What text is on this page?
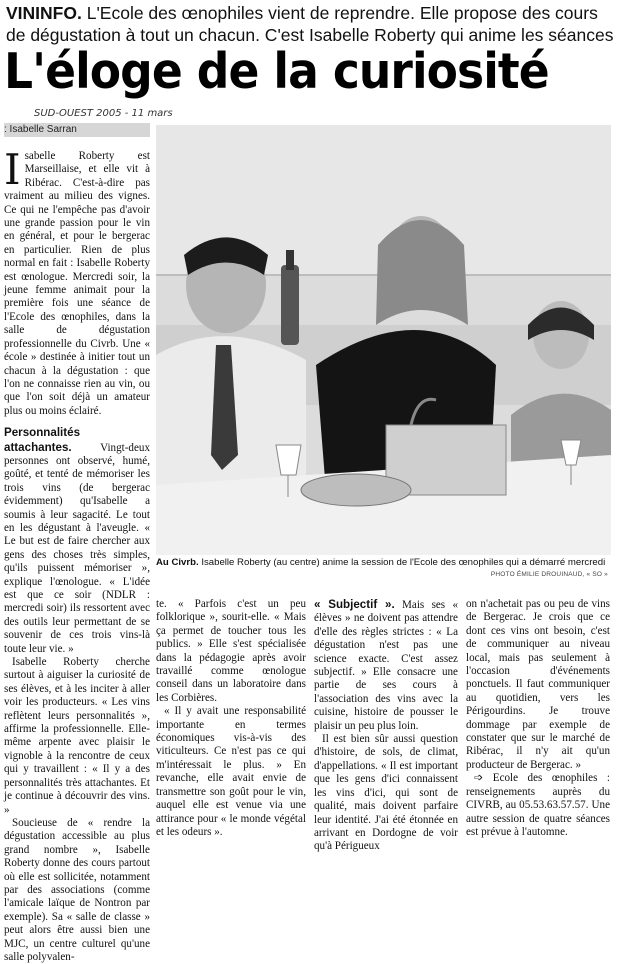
VININFO. L'Ecole des œnophiles vient de reprendre. Elle propose des cours de dégustation à tout un chacun. C'est Isabelle Roberty qui anime les séances
L'éloge de la curiosité
SUD-OUEST 2005 - 11 mars
: Isabelle Sarran

Isabelle Roberty est Marseillaise, et elle vit à Ribérac. C'est-à-dire pas vraiment au milieu des vignes. Ce qui ne l'empêche pas d'avoir une grande passion pour le vin en général, et pour le bergerac en particulier. Rien de plus normal en fait : Isabelle Roberty est œnologue. Mercredi soir, la jeune femme animait pour la première fois une séance de l'Ecole des œnophiles, dans la salle de dégustation professionnelle du Civrb. Une « école » destinée à initier tout un chacun à la dégustation : que l'on ne connaisse rien au vin, ou que l'on soit déjà un amateur plus ou moins éclairé.

Personnalités attachantes.	Vingt-deux personnes ont observé, humé, goûté, et tenté de mémoriser les trois vins (de bergerac évidemment) qu'Isabelle a soumis à leur sagacité. Le tout en les dégustant à l'aveugle. « Le but est de faire chercher aux gens des choses très simples, qu'ils puissent mémoriser », explique l'œnologue. « L'idée est que ce soir (NDLR : mercredi soir) ils ressortent avec des outils leur permettant de se souvenir de ces trois vins-là toute leur vie. »

Isabelle Roberty cherche surtout à aiguiser la curiosité de ses élèves, et à les inciter à aller voir les producteurs. « Les vins reflètent leurs personnalités », affirme la professionnelle. Elle-même arpente avec plaisir le vignoble à la rencontre de ceux qui y travaillent : « Il y a des personnalités très attachantes. Et je continue à découvrir des vins. »

Soucieuse de « rendre la dégustation accessible au plus grand nombre », Isabelle Roberty donne des cours partout où elle est sollicitée, notamment par des associations (comme l'amicale laïque de Nontron par exemple). Sa « salle de classe » peut alors être aussi bien une MJC, un centre culturel qu'une salle polyvalen-

Au Civrb. Isabelle Roberty (au centre) anime la session de l'Ecole des œnophiles qui a démarré mercredi
PHOTO ÉMILIE DROUINAUD, « SO »

te. « Parfois c'est un peu folklorique », sourit-elle. « Mais ça permet de toucher tous les publics. » Elle s'est spécialisée dans la pédagogie après avoir travaillé comme œnologue conseil dans un laboratoire dans les Corbières.

« Il y avait une responsabilité importante en termes économiques vis-à-vis des viticulteurs. Ce n'est pas ce qui m'intéressait le plus. » En revanche, elle avait envie de transmettre son goût pour le vin, auquel elle est venue via une attirance pour « le monde végétal et les odeurs ».

« Subjectif ». Mais ses « élèves » ne doivent pas attendre d'elle des règles strictes : « La dégustation n'est pas une science exacte. C'est assez subjectif. » Elle consacre une partie de ses cours à l'association des vins avec la cuisine, histoire de pousser le plaisir un peu plus loin.

Il est bien sûr aussi question d'histoire, de sols, de climat, d'appellations. « Il est important que les gens d'ici connaissent les vins d'ici, qui sont de qualité, mais doivent parfaire leur identité. J'ai été étonnée en arrivant en Dordogne de voir qu'à Périgueux

on n'achetait pas ou peu de vins de Bergerac. Je crois que ce dont ces vins ont besoin, c'est de communiquer au niveau local, mais pas seulement à l'occasion d'événements ponctuels. Il faut communiquer au quotidien, vers les Périgourdins. Je trouve dommage par exemple de constater que sur le marché de Ribérac, il n'y ait qu'un producteur de Bergerac. »

➩ Ecole des œnophiles : renseignements auprès du CIVRB, au 05.53.63.57.57. Une autre session de quatre séances est prévue à l'automne.
